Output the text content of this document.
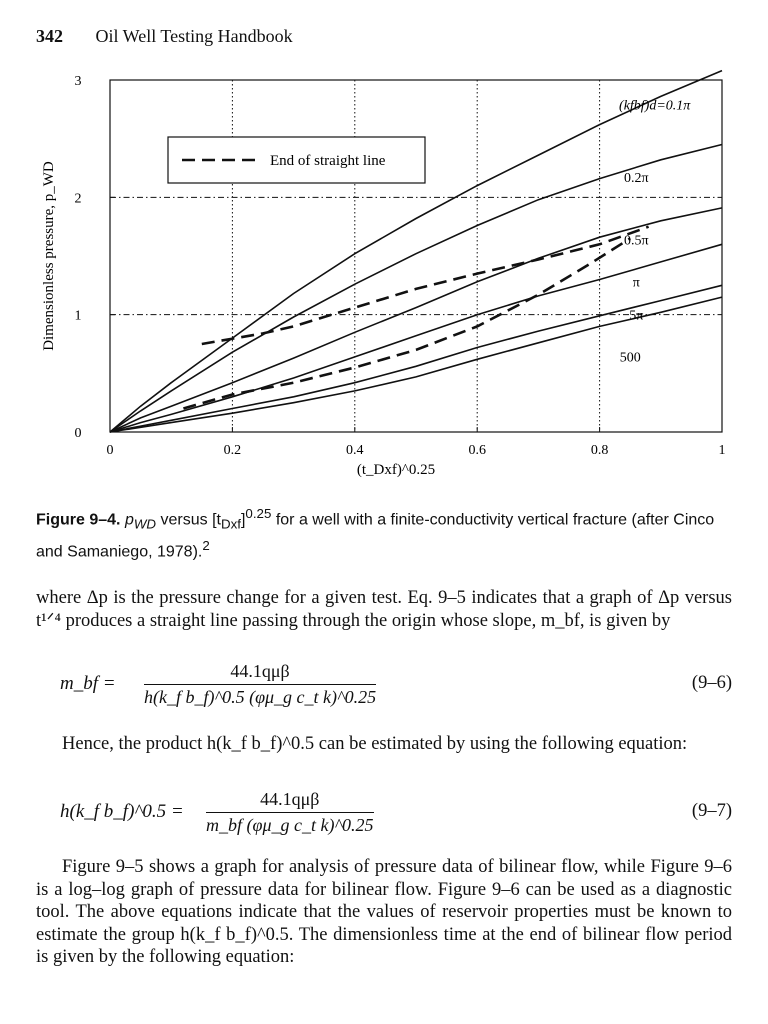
342 Oil Well Testing Handbook
0	0.2	0.4	0.6	0.8	1
0
1
2
3
End of straight line
(kfbf)d=0.1π
0.2π
0.5π
π
5π
500
Dimensionless pressure, p_WD
(t_Dxf)^0.25
Figure 9–4. $p_{WD}$ versus $[t_{Dxf}]^{0.25}$ for a well with a finite-conductivity vertical fracture (after Cinco and Samaniego, 1978).$^2$
where Δp is the pressure change for a given test. Eq. 9–5 indicates that a graph of Δp versus t¹ᐟ⁴ produces a straight line passing through the origin whose slope, m_bf, is given by
m_bf =
44.1qμβ
h(k_f b_f)^0.5 (φμ_g c_t k)^0.25
(9–6)
Hence, the product h(k_f b_f)^0.5 can be estimated by using the following equation:
h(k_f b_f)^0.5 =
44.1qμβ
m_bf (φμ_g c_t k)^0.25
(9–7)
Figure 9–5 shows a graph for analysis of pressure data of bilinear flow, while Figure 9–6 is a log–log graph of pressure data for bilinear flow. Figure 9–6 can be used as a diagnostic tool. The above equations indicate that the values of reservoir properties must be known to estimate the group h(k_f b_f)^0.5. The dimensionless time at the end of bilinear flow period is given by the following equation:
